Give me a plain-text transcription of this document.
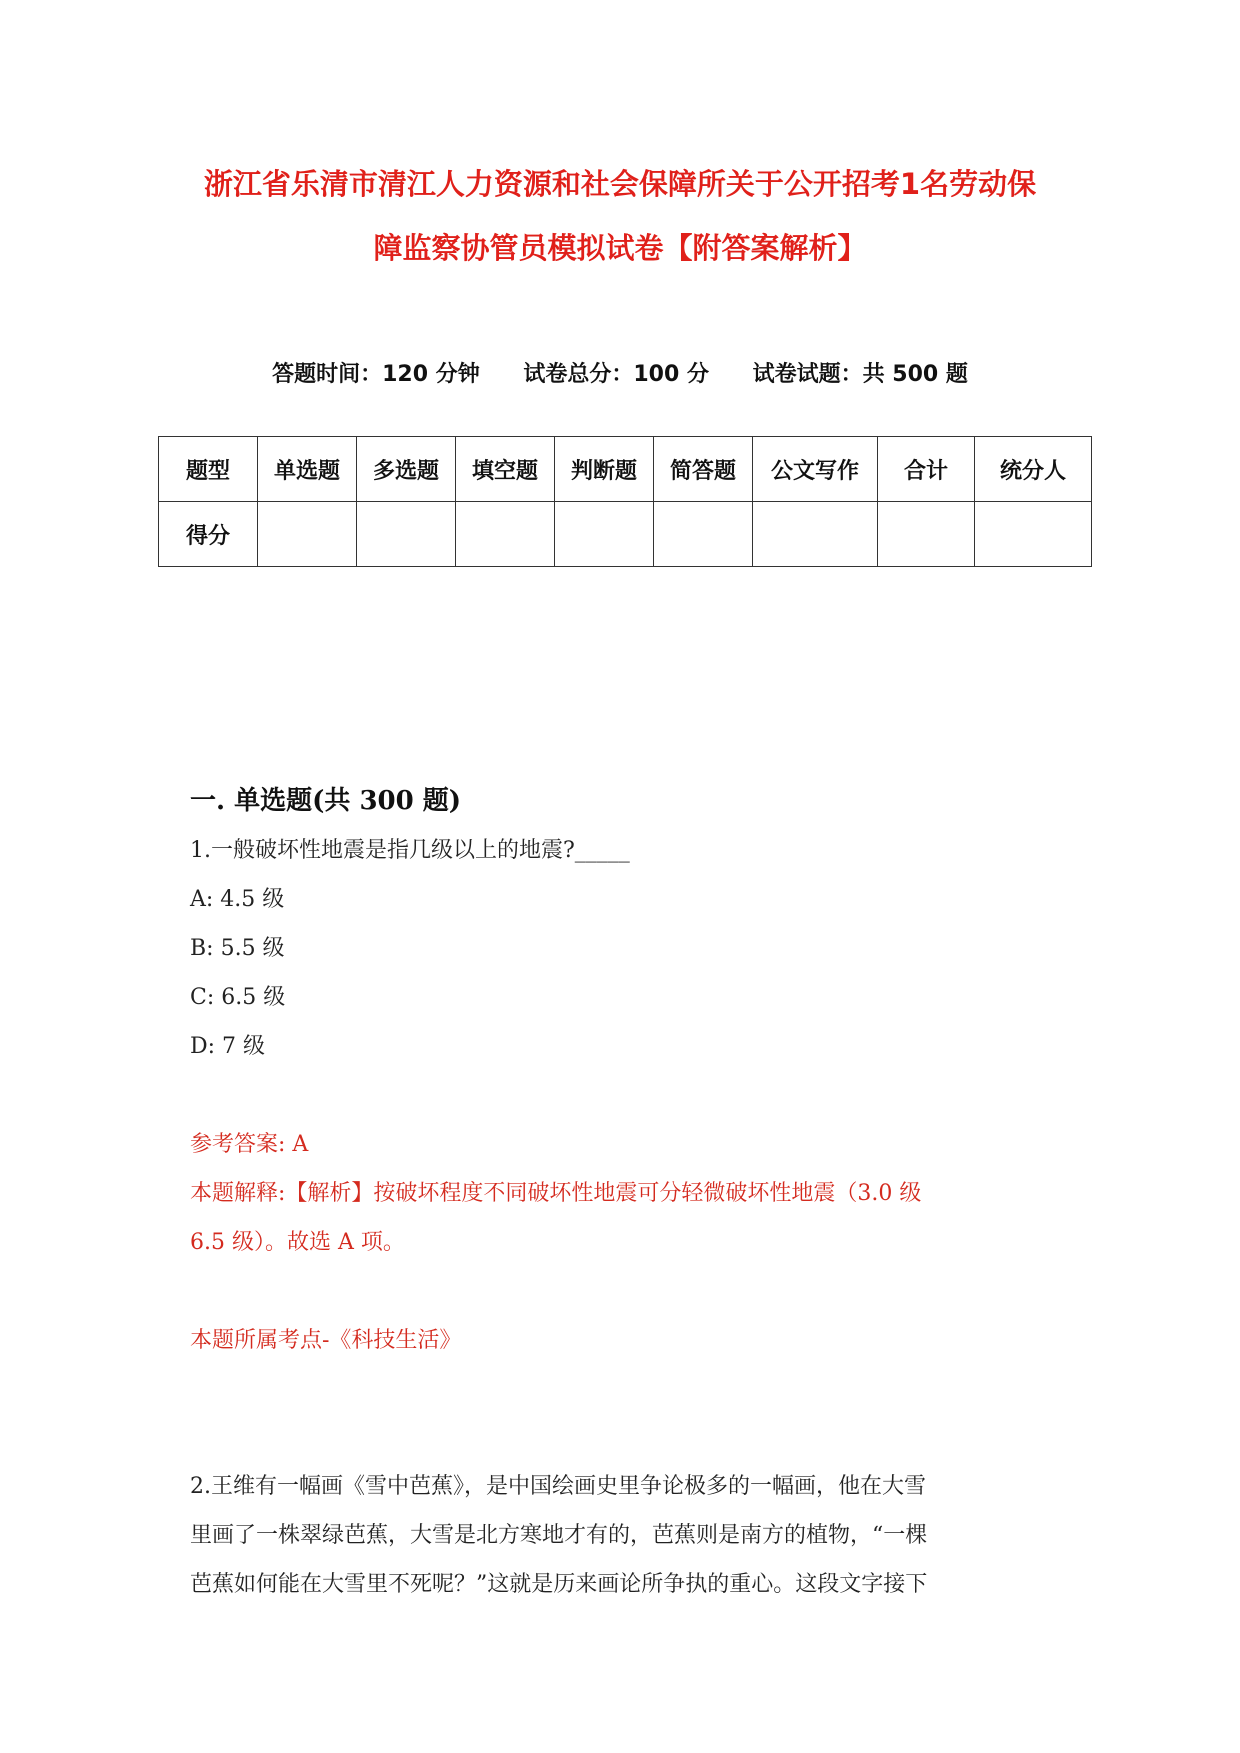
浙江省乐清市清江人力资源和社会保障所关于公开招考1名劳动保
障监察协管员模拟试卷【附答案解析】
答题时间：120 分钟 试卷总分：100 分 试卷试题：共 500 题
题型	单选题	多选题	填空题	判断题	简答题	公文写作	合计	统分人
得分								
一. 单选题(共 300 题)
1.一般破坏性地震是指几级以上的地震?_____
A: 4.5 级
B: 5.5 级
C: 6.5 级
D: 7 级
参考答案: A
本题解释:【解析】按破坏程度不同破坏性地震可分轻微破坏性地震（3.0 级
6.5 级）。故选 A 项。
本题所属考点-《科技生活》
2.王维有一幅画《雪中芭蕉》，是中国绘画史里争论极多的一幅画，他在大雪
里画了一株翠绿芭蕉，大雪是北方寒地才有的，芭蕉则是南方的植物，“一棵
芭蕉如何能在大雪里不死呢？”这就是历来画论所争执的重心。这段文字接下
